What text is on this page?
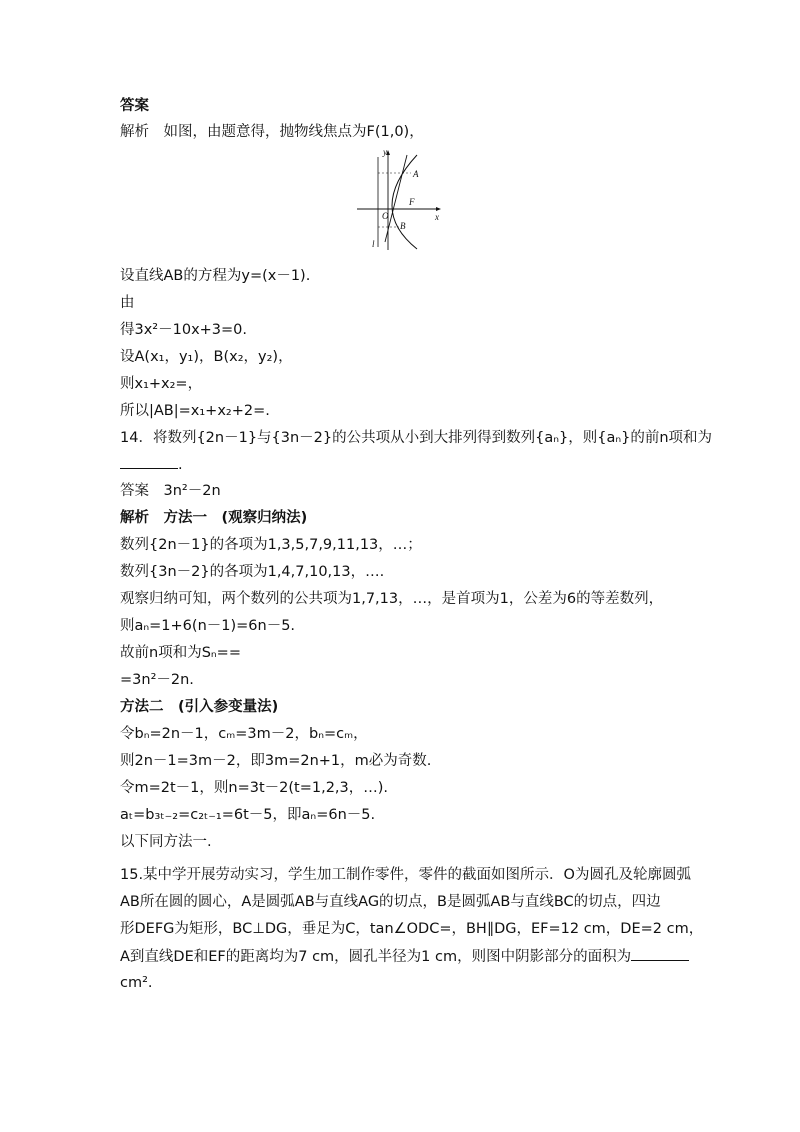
答案
解析　如图，由题意得，抛物线焦点为F(1,0)，
y
x
O
A
B
F
l
设直线AB的方程为y=(x－1).
由
得3x²－10x+3=0.
设A(x₁，y₁)，B(x₂，y₂)，
则x₁+x₂=，
所以|AB|=x₁+x₂+2=.
14．将数列{2n－1}与{3n－2}的公共项从小到大排列得到数列{aₙ}，则{aₙ}的前n项和为
.
答案　3n²－2n
解析　方法一　(观察归纳法)
数列{2n－1}的各项为1,3,5,7,9,11,13，…；
数列{3n－2}的各项为1,4,7,10,13，….
观察归纳可知，两个数列的公共项为1,7,13，…，是首项为1，公差为6的等差数列，
则aₙ=1+6(n－1)=6n－5.
故前n项和为Sₙ==
=3n²－2n.
方法二　(引入参变量法)
令bₙ=2n－1，cₘ=3m－2，bₙ=cₘ，
则2n－1=3m－2，即3m=2n+1，m必为奇数.
令m=2t－1，则n=3t－2(t=1,2,3，…).
aₜ=b₃ₜ₋₂=c₂ₜ₋₁=6t－5，即aₙ=6n－5.
以下同方法一.
15.某中学开展劳动实习，学生加工制作零件，零件的截面如图所示．O为圆孔及轮廓圆弧
AB所在圆的圆心，A是圆弧AB与直线AG的切点，B是圆弧AB与直线BC的切点，四边
形DEFG为矩形，BC⊥DG，垂足为C，tan∠ODC=，BH∥DG，EF=12 cm，DE=2 cm，
A到直线DE和EF的距离均为7 cm，圆孔半径为1 cm，则图中阴影部分的面积为
cm².
